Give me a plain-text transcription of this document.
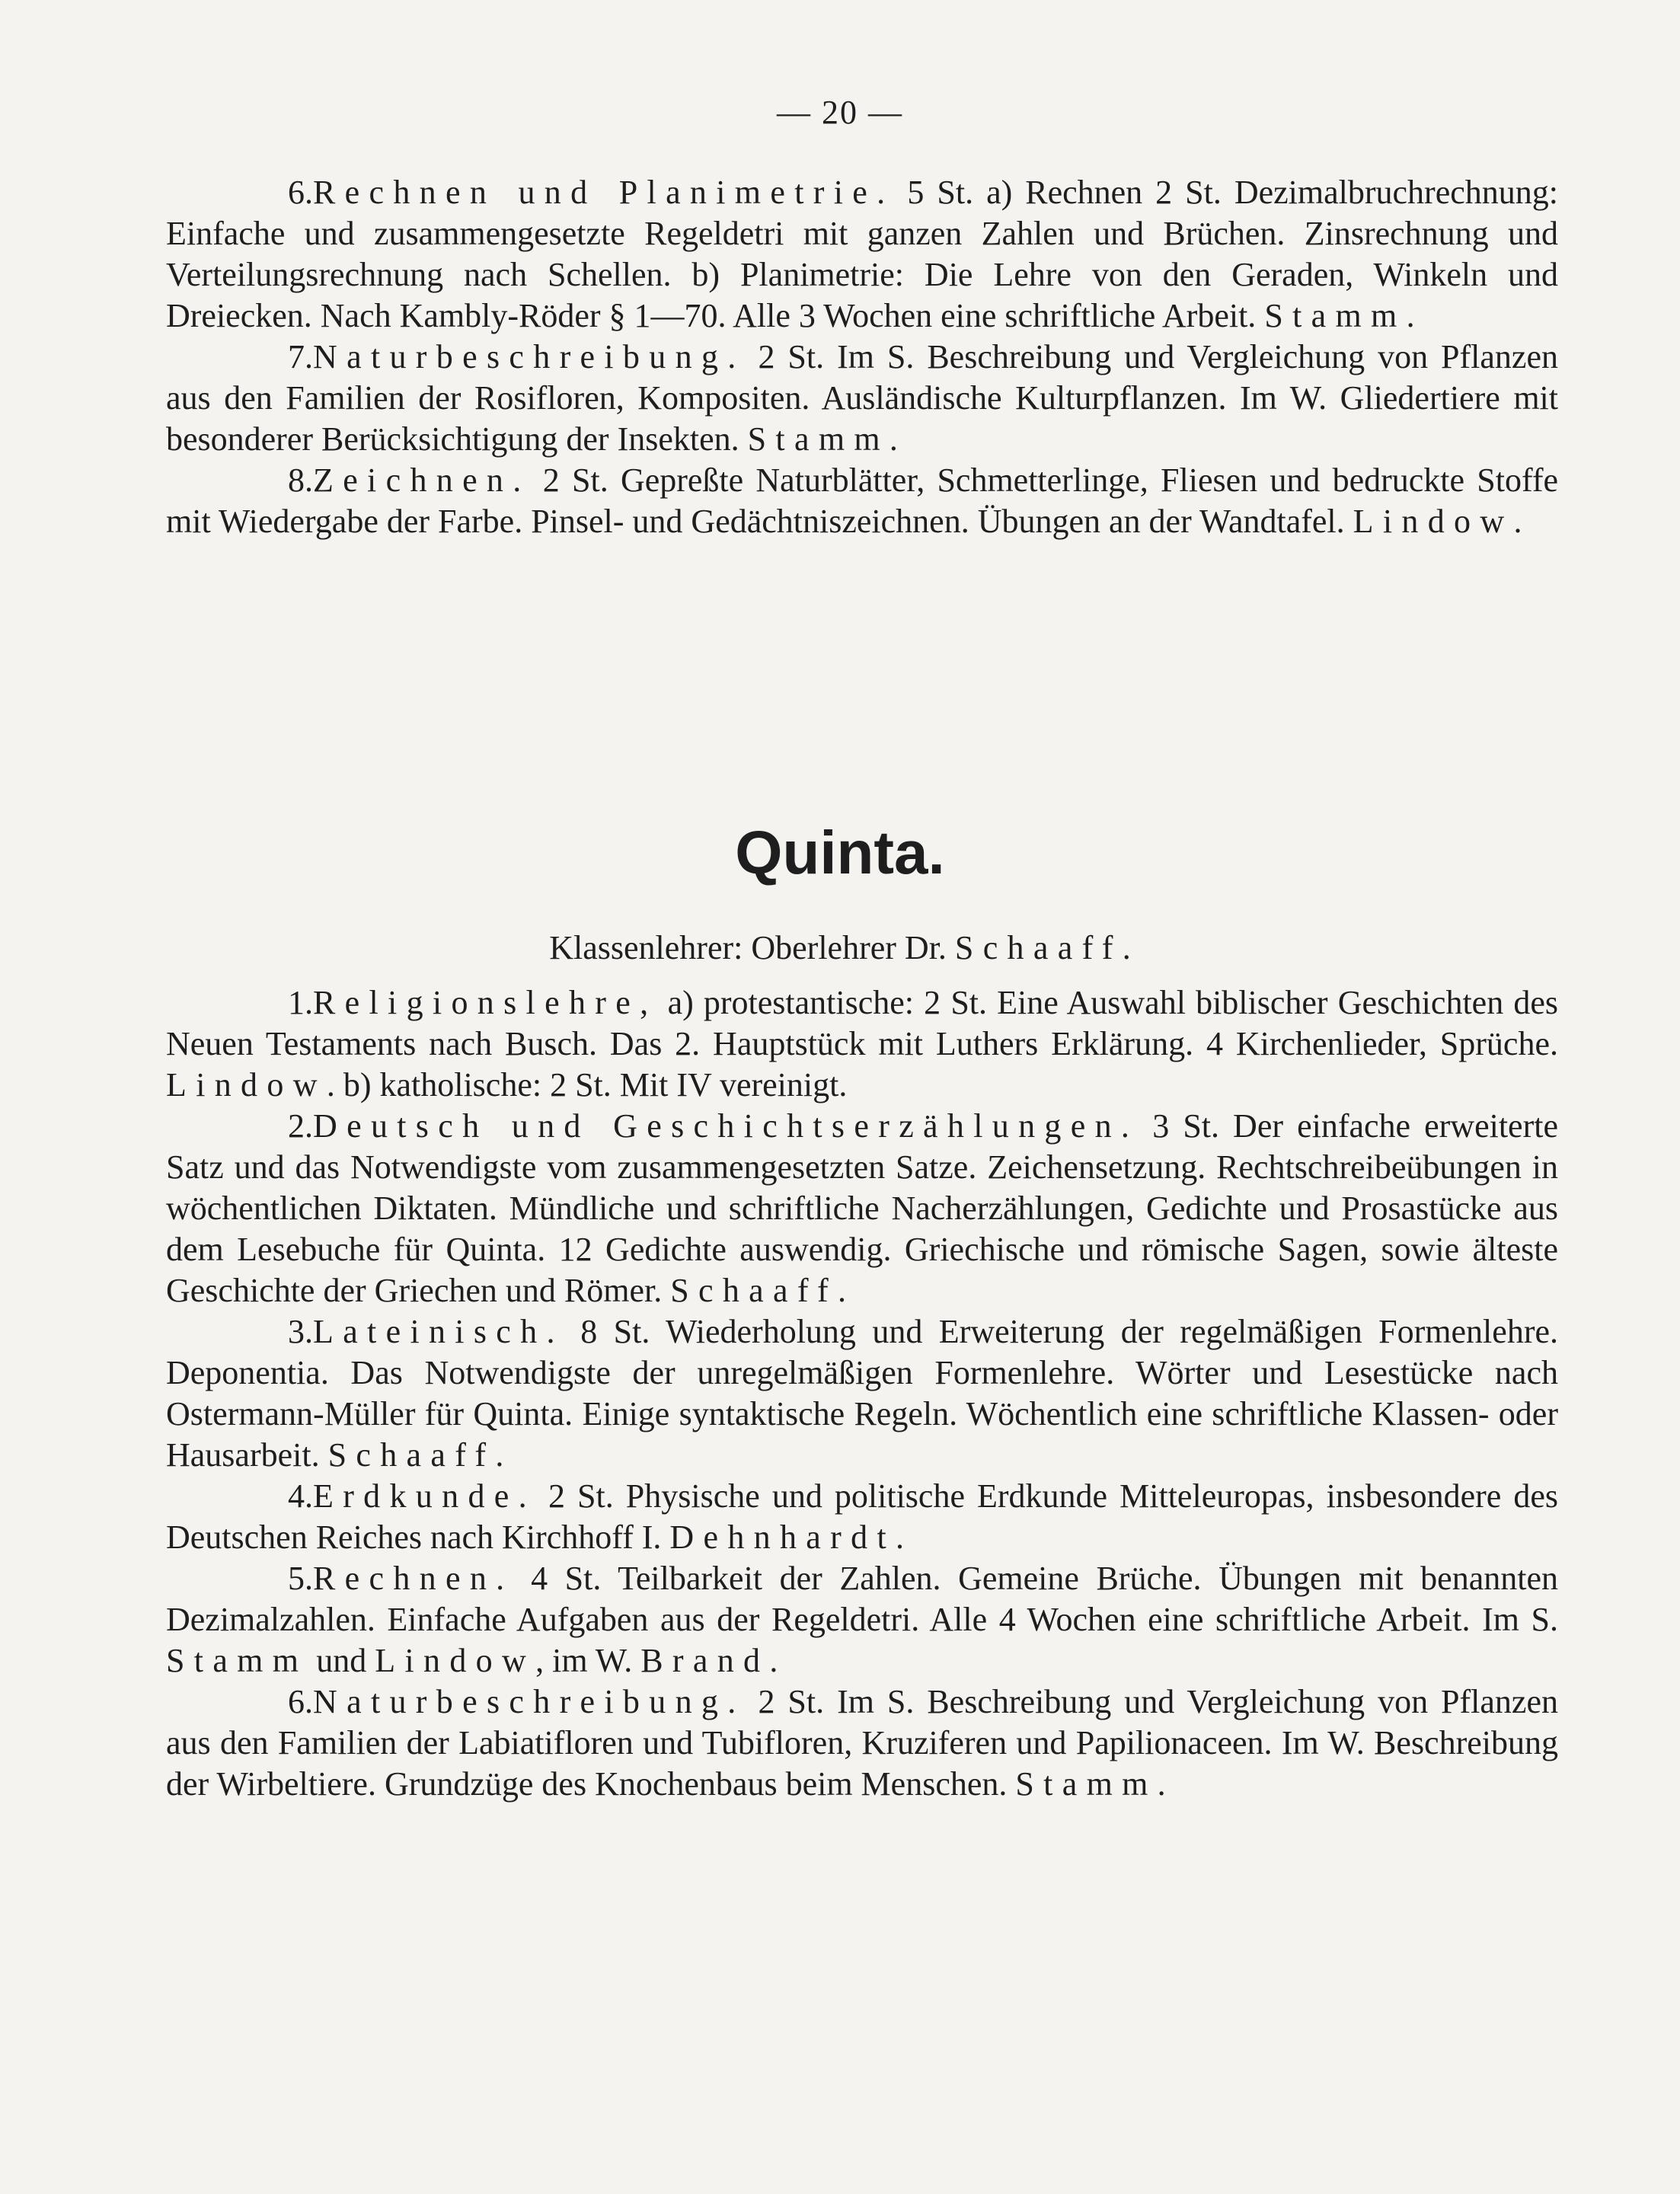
— 20 —

6.Rechnen und Planimetrie. 5 St. a) Rechnen 2 St. Dezimalbruchrechnung: Einfache und zusammengesetzte Regeldetri mit ganzen Zahlen und Brüchen. Zinsrechnung und Verteilungsrechnung nach Schellen. b) Planimetrie: Die Lehre von den Geraden, Winkeln und Dreiecken. Nach Kambly-Röder § 1—70. Alle 3 Wochen eine schriftliche Arbeit. Stamm.

7.Naturbeschreibung. 2 St. Im S. Beschreibung und Vergleichung von Pflanzen aus den Familien der Rosifloren, Kompositen. Ausländische Kulturpflanzen. Im W. Gliedertiere mit besonderer Berücksichtigung der Insekten. Stamm.

8.Zeichnen. 2 St. Gepreßte Naturblätter, Schmetterlinge, Fliesen und bedruckte Stoffe mit Wiedergabe der Farbe. Pinsel- und Gedächtniszeichnen. Übungen an der Wandtafel. Lindow.

Quinta.
Klassenlehrer: Oberlehrer Dr. Schaaff.

1.Religionslehre, a) protestantische: 2 St. Eine Auswahl biblischer Geschichten des Neuen Testaments nach Busch. Das 2. Hauptstück mit Luthers Erklärung. 4 Kirchenlieder, Sprüche. Lindow. b) katholische: 2 St. Mit IV vereinigt.

2.Deutsch und Geschichtserzählungen. 3 St. Der einfache erweiterte Satz und das Notwendigste vom zusammengesetzten Satze. Zeichensetzung. Rechtschreibeübungen in wöchentlichen Diktaten. Mündliche und schriftliche Nacherzählungen, Gedichte und Prosastücke aus dem Lesebuche für Quinta. 12 Gedichte auswendig. Griechische und römische Sagen, sowie älteste Geschichte der Griechen und Römer. Schaaff.

3.Lateinisch. 8 St. Wiederholung und Erweiterung der regelmäßigen Formenlehre. Deponentia. Das Notwendigste der unregelmäßigen Formenlehre. Wörter und Lesestücke nach Ostermann-Müller für Quinta. Einige syntaktische Regeln. Wöchentlich eine schriftliche Klassen- oder Hausarbeit. Schaaff.

4.Erdkunde. 2 St. Physische und politische Erdkunde Mitteleuropas, insbesondere des Deutschen Reiches nach Kirchhoff I. Dehnhardt.

5.Rechnen. 4 St. Teilbarkeit der Zahlen. Gemeine Brüche. Übungen mit benannten Dezimalzahlen. Einfache Aufgaben aus der Regeldetri. Alle 4 Wochen eine schriftliche Arbeit. Im S. Stamm und Lindow, im W. Brand.

6.Naturbeschreibung. 2 St. Im S. Beschreibung und Vergleichung von Pflanzen aus den Familien der Labiatifloren und Tubifloren, Kruziferen und Papilionaceen. Im W. Beschreibung der Wirbeltiere. Grundzüge des Knochenbaus beim Menschen. Stamm.
